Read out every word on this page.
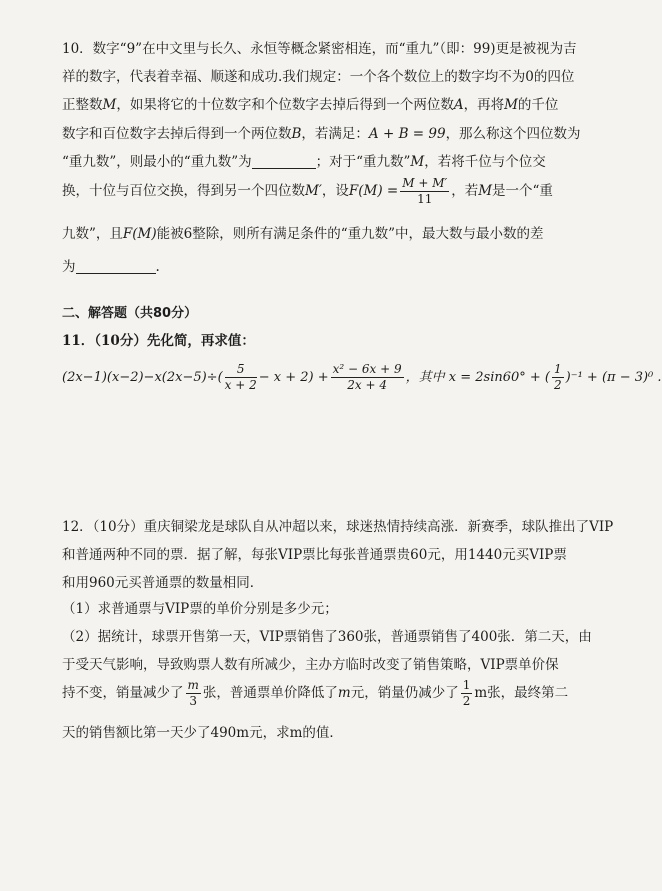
10．数字“9”在中文里与长久、永恒等概念紧密相连，而“重九”（即：99)更是被视为吉
祥的数字，代表着幸福、顺遂和成功.我们规定：一个各个数位上的数字均不为0的四位
正整数M，如果将它的十位数字和个位数字去掉后得到一个两位数A，再将M的千位
数字和百位数字去掉后得到一个两位数B，若满足：A + B = 99，那么称这个四位数为
“重九数”，则最小的“重九数”为	；对于“重九数”M，若将千位与个位交
换，十位与百位交换，得到另一个四位数M′，设$F(M) = \frac{M + M'}{11}$ ，若M是一个“重
九数”，且F(M)能被6整除，则所有满足条件的“重九数”中，最大数与最小数的差
为	.
二、解答题（共80分）
11．（10分）先化简，再求值：
$(2x-1)(x-2)-x(2x-5)\div( \frac{5}{x + 2} - x + 2) + \frac{\text{x² − 6x + 9}}{2x + 4}$ ，其中 x = 2sin60° + ( $\frac{1}{2} )^{-1} + (\pi - 3)^0$ .
12．（10分）重庆铜梁龙是球队自从冲超以来，球迷热情持续高涨．新赛季，球队推出了VIP
和普通两种不同的票．据了解，每张VIP票比每张普通票贵60元，用1440元买VIP票
和用960元买普通票的数量相同．
（1）求普通票与VIP票的单价分别是多少元；
（2）据统计，球票开售第一天，VIP票销售了360张，普通票销售了400张．第二天，由
于受天气影响，导致购票人数有所减少，主办方临时改变了销售策略，VIP票单价保
持不变，销量减少了 $\frac{m}{3}$ 张，普通票单价降低了m元，销量仍减少了 $\frac{1}{2}$ m张，最终第二
天的销售额比第一天少了490m元，求m的值．
